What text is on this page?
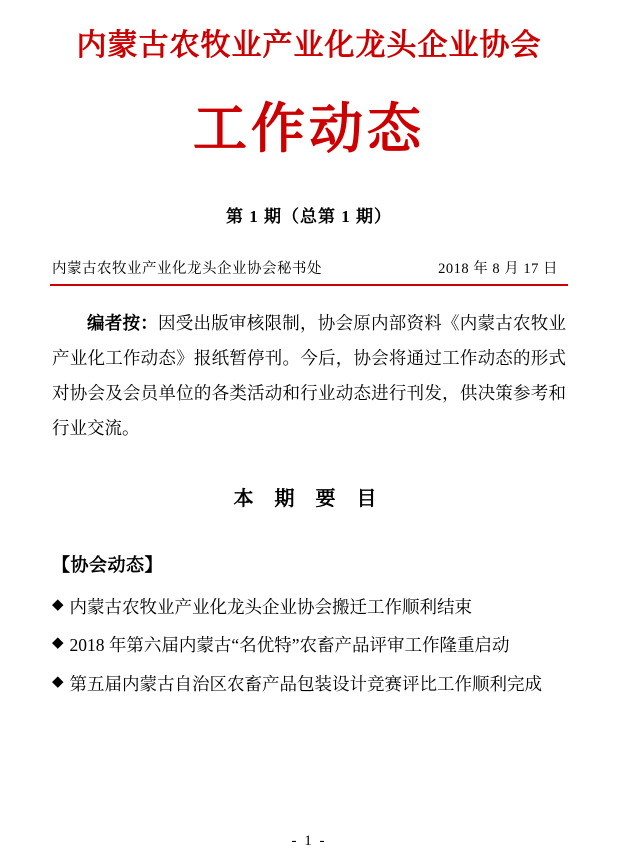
内蒙古农牧业产业化龙头企业协会
工作动态
第 1 期（总第 1 期）
内蒙古农牧业产业化龙头企业协会秘书处	2018 年 8 月 17 日
编者按：因受出版审核限制，协会原内部资料《内蒙古农牧业产业化工作动态》报纸暂停刊。今后，协会将通过工作动态的形式对协会及会员单位的各类活动和行业动态进行刊发，供决策参考和行业交流。
本 期 要 目
【协会动态】
◆ 内蒙古农牧业产业化龙头企业协会搬迁工作顺利结束
◆ 2018 年第六届内蒙古“名优特”农畜产品评审工作隆重启动
◆ 第五届内蒙古自治区农畜产品包装设计竞赛评比工作顺利完成
- 1 -
